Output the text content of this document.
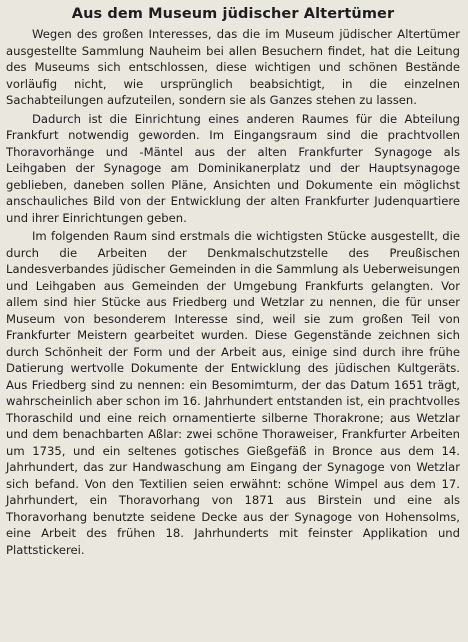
Aus dem Museum jüdischer Altertümer
Wegen des großen Interesses, das die im Museum jüdischer Altertümer ausgestellte Sammlung Nauheim bei allen Besuchern findet, hat die Leitung des Museums sich entschlossen, diese wichtigen und schönen Bestände vorläufig nicht, wie ursprünglich beabsichtigt, in die einzelnen Sachabteilungen aufzuteilen, sondern sie als Ganzes stehen zu lassen.
Dadurch ist die Einrichtung eines anderen Raumes für die Abteilung Frankfurt notwendig geworden. Im Eingangsraum sind die prachtvollen Thoravorhänge und -Mäntel aus der alten Frankfurter Synagoge als Leihgaben der Synagoge am Dominikanerplatz und der Hauptsynagoge geblieben, daneben sollen Pläne, Ansichten und Dokumente ein möglichst anschauliches Bild von der Entwicklung der alten Frankfurter Judenquartiere und ihrer Einrichtungen geben.
Im folgenden Raum sind erstmals die wichtigsten Stücke ausgestellt, die durch die Arbeiten der Denkmalschutzstelle des Preußischen Landesverbandes jüdischer Gemeinden in die Sammlung als Ueberweisungen und Leihgaben aus Gemeinden der Umgebung Frankfurts gelangten. Vor allem sind hier Stücke aus Friedberg und Wetzlar zu nennen, die für unser Museum von besonderem Interesse sind, weil sie zum großen Teil von Frankfurter Meistern gearbeitet wurden. Diese Gegenstände zeichnen sich durch Schönheit der Form und der Arbeit aus, einige sind durch ihre frühe Datierung wertvolle Dokumente der Entwicklung des jüdischen Kultgeräts. Aus Friedberg sind zu nennen: ein Besomimturm, der das Datum 1651 trägt, wahrscheinlich aber schon im 16. Jahrhundert entstanden ist, ein prachtvolles Thoraschild und eine reich ornamentierte silberne Thorakrone; aus Wetzlar und dem benachbarten Aßlar: zwei schöne Thoraweiser, Frankfurter Arbeiten um 1735, und ein seltenes gotisches Gießgefäß in Bronce aus dem 14. Jahrhundert, das zur Handwaschung am Eingang der Synagoge von Wetzlar sich befand. Von den Textilien seien erwähnt: schöne Wimpel aus dem 17. Jahrhundert, ein Thoravorhang von 1871 aus Birstein und eine als Thoravorhang benutzte seidene Decke aus der Synagoge von Hohensolms, eine Arbeit des frühen 18. Jahrhunderts mit feinster Applikation und Plattstickerei.
